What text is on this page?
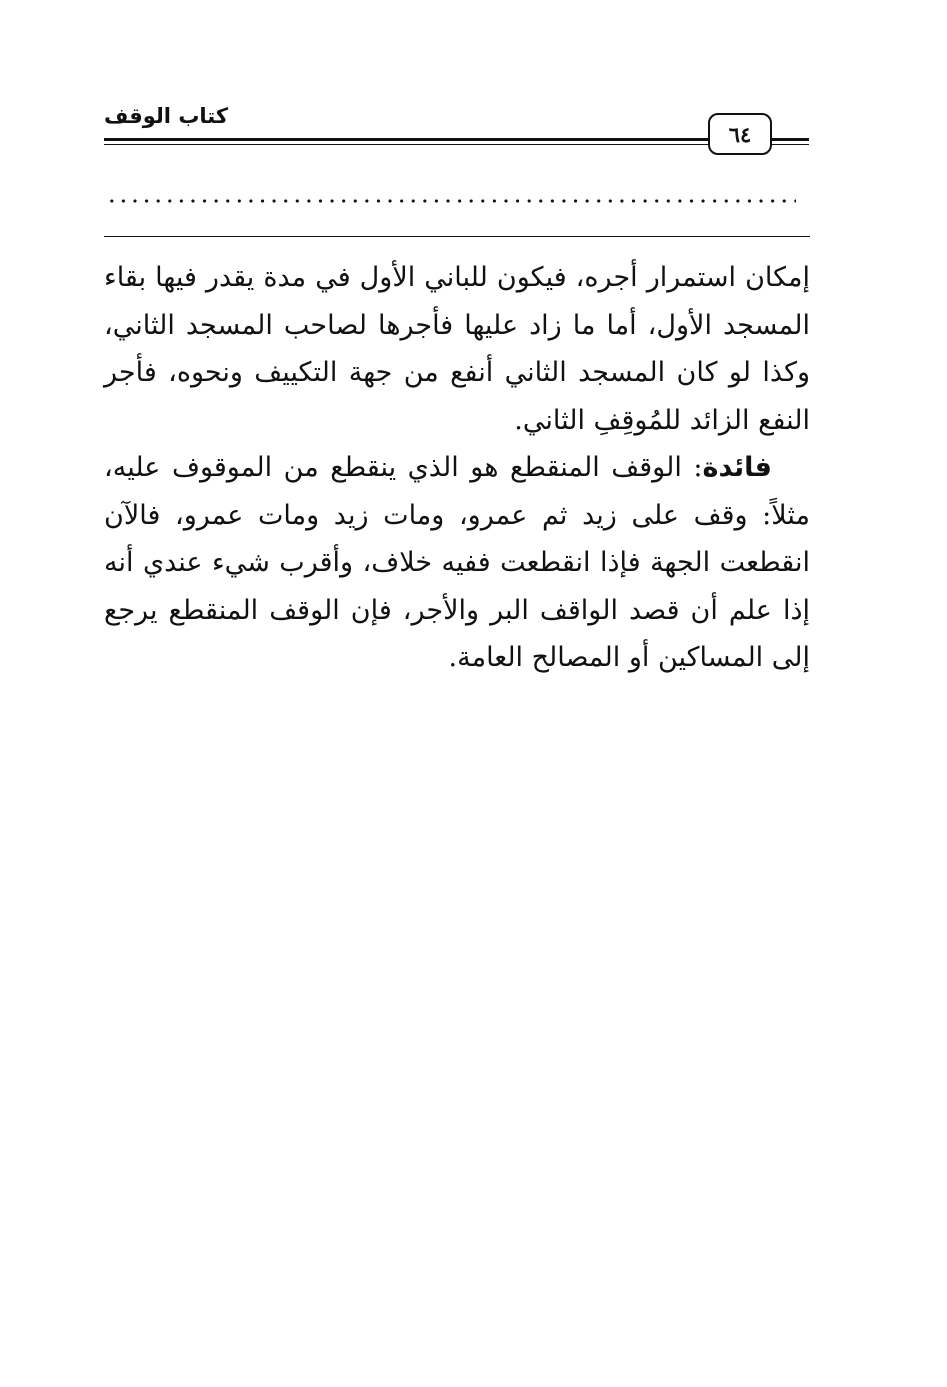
كتاب الوقف
٦٤

إمكان استمرار أجره، فيكون للباني الأول في مدة يقدر فيها بقاء المسجد الأول، أما ما زاد عليها فأجرها لصاحب المسجد الثاني، وكذا لو كان المسجد الثاني أنفع من جهة التكييف ونحوه، فأجر النفع الزائد للمُوقِفِ الثاني.

فائدة: الوقف المنقطع هو الذي ينقطع من الموقوف عليه، مثلاً: وقف على زيد ثم عمرو، ومات زيد ومات عمرو، فالآن انقطعت الجهة فإذا انقطعت ففيه خلاف، وأقرب شيء عندي أنه إذا علم أن قصد الواقف البر والأجر، فإن الوقف المنقطع يرجع إلى المساكين أو المصالح العامة.
